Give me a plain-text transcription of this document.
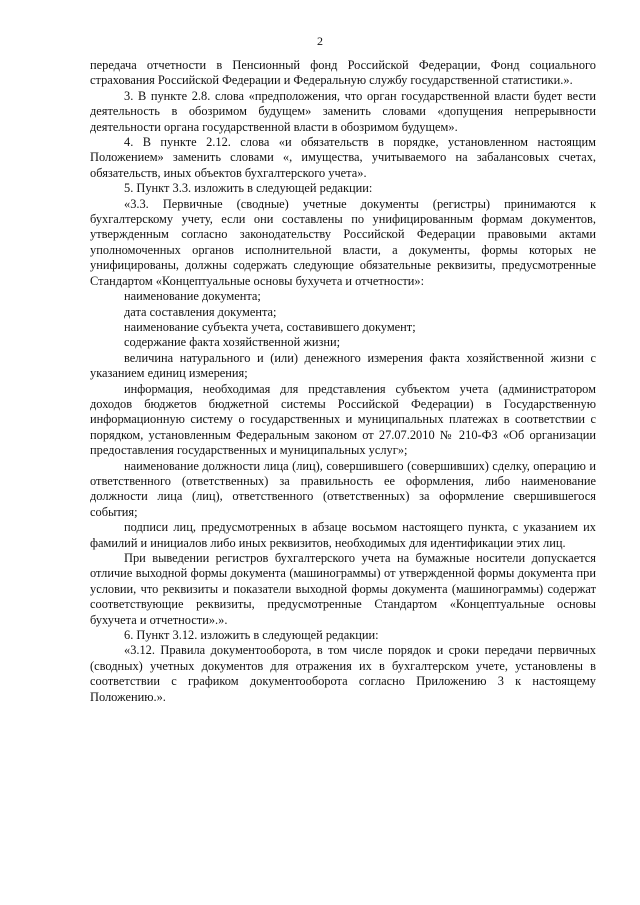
2

передача отчетности в Пенсионный фонд Российской Федерации, Фонд социального страхования Российской Федерации и Федеральную службу государственной статистики.».

3. В пункте 2.8. слова «предположения, что орган государственной власти будет вести деятельность в обозримом будущем» заменить словами «допущения непрерывности деятельности органа государственной власти в обозримом будущем».

4. В пункте 2.12. слова «и обязательств в порядке, установленном настоящим Положением» заменить словами «, имущества, учитываемого на забалансовых счетах, обязательств, иных объектов бухгалтерского учета».

5. Пункт 3.3. изложить в следующей редакции:

«3.3. Первичные (сводные) учетные документы (регистры) принимаются к бухгалтерскому учету, если они составлены по унифицированным формам документов, утвержденным согласно законодательству Российской Федерации правовыми актами уполномоченных органов исполнительной власти, а документы, формы которых не унифицированы, должны содержать следующие обязательные реквизиты, предусмотренные Стандартом «Концептуальные основы бухучета и отчетности»:

наименование документа;

дата составления документа;

наименование субъекта учета, составившего документ;

содержание факта хозяйственной жизни;

величина натурального и (или) денежного измерения факта хозяйственной жизни с указанием единиц измерения;

информация, необходимая для представления субъектом учета (администратором доходов бюджетов бюджетной системы Российской Федерации) в Государственную информационную систему о государственных и муниципальных платежах в соответствии с порядком, установленным Федеральным законом от 27.07.2010 № 210-ФЗ «Об организации предоставления государственных и муниципальных услуг»;

наименование должности лица (лиц), совершившего (совершивших) сделку, операцию и ответственного (ответственных) за правильность ее оформления, либо наименование должности лица (лиц), ответственного (ответственных) за оформление свершившегося события;

подписи лиц, предусмотренных в абзаце восьмом настоящего пункта, с указанием их фамилий и инициалов либо иных реквизитов, необходимых для идентификации этих лиц.

При выведении регистров бухгалтерского учета на бумажные носители допускается отличие выходной формы документа (машинограммы) от утвержденной формы документа при условии, что реквизиты и показатели выходной формы документа (машинограммы) содержат соответствующие реквизиты, предусмотренные Стандартом «Концептуальные основы бухучета и отчетности».».

6. Пункт 3.12. изложить в следующей редакции:

«3.12. Правила документооборота, в том числе порядок и сроки передачи первичных (сводных) учетных документов для отражения их в бухгалтерском учете, установлены в соответствии с графиком документооборота согласно Приложению 3 к настоящему Положению.».
